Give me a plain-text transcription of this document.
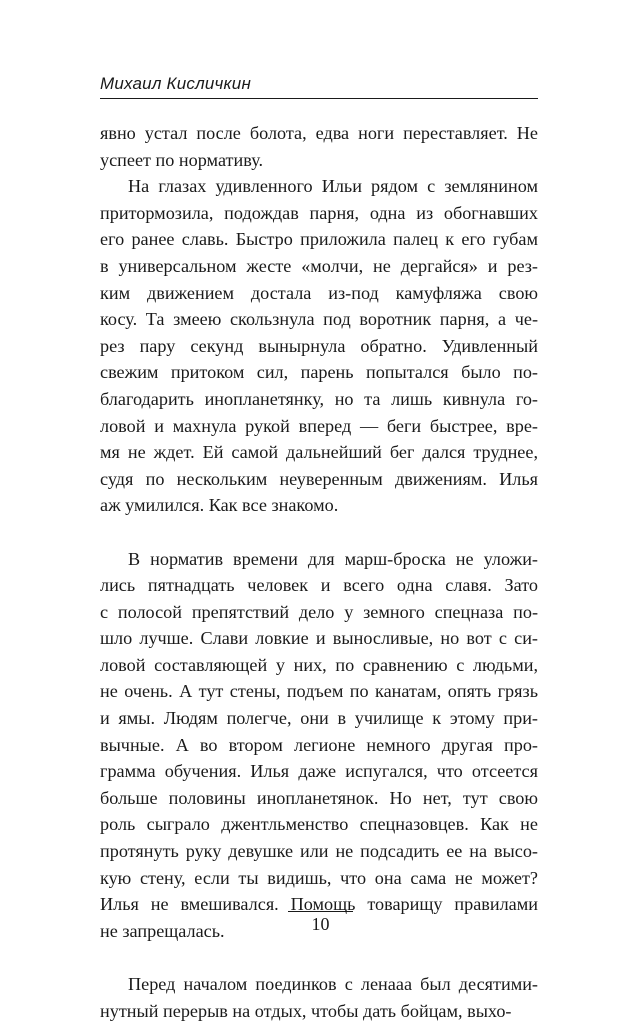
Михаил Кисличкин
явно устал после болота, едва ноги переставляет. Не
успеет по нормативу.
На глазах удивленного Ильи рядом с землянином
притормозила, подождав парня, одна из обогнавших
его ранее славь. Быстро приложила палец к его губам
в универсальном жесте «молчи, не дергайся» и рез-
ким движением достала из-под камуфляжа свою
косу. Та змеею скользнула под воротник парня, а че-
рез пару секунд вынырнула обратно. Удивленный
свежим притоком сил, парень попытался было по-
благодарить инопланетянку, но та лишь кивнула го-
ловой и махнула рукой вперед — беги быстрее, вре-
мя не ждет. Ей самой дальнейший бег дался труднее,
судя по нескольким неуверенным движениям. Илья
аж умилился. Как все знакомо.
В норматив времени для марш-броска не уложи-
лись пятнадцать человек и всего одна славя. Зато
с полосой препятствий дело у земного спецназа по-
шло лучше. Слави ловкие и выносливые, но вот с си-
ловой составляющей у них, по сравнению с людьми,
не очень. А тут стены, подъем по канатам, опять грязь
и ямы. Людям полегче, они в училище к этому при-
вычные. А во втором легионе немного другая про-
грамма обучения. Илья даже испугался, что отсеется
больше половины инопланетянок. Но нет, тут свою
роль сыграло джентльменство спецназовцев. Как не
протянуть руку девушке или не подсадить ее на высо-
кую стену, если ты видишь, что она сама не может?
Илья не вмешивался. Помощь товарищу правилами
не запрещалась.
Перед началом поединков с ленааа был десятими-
нутный перерыв на отдых, чтобы дать бойцам, выхо-
10
